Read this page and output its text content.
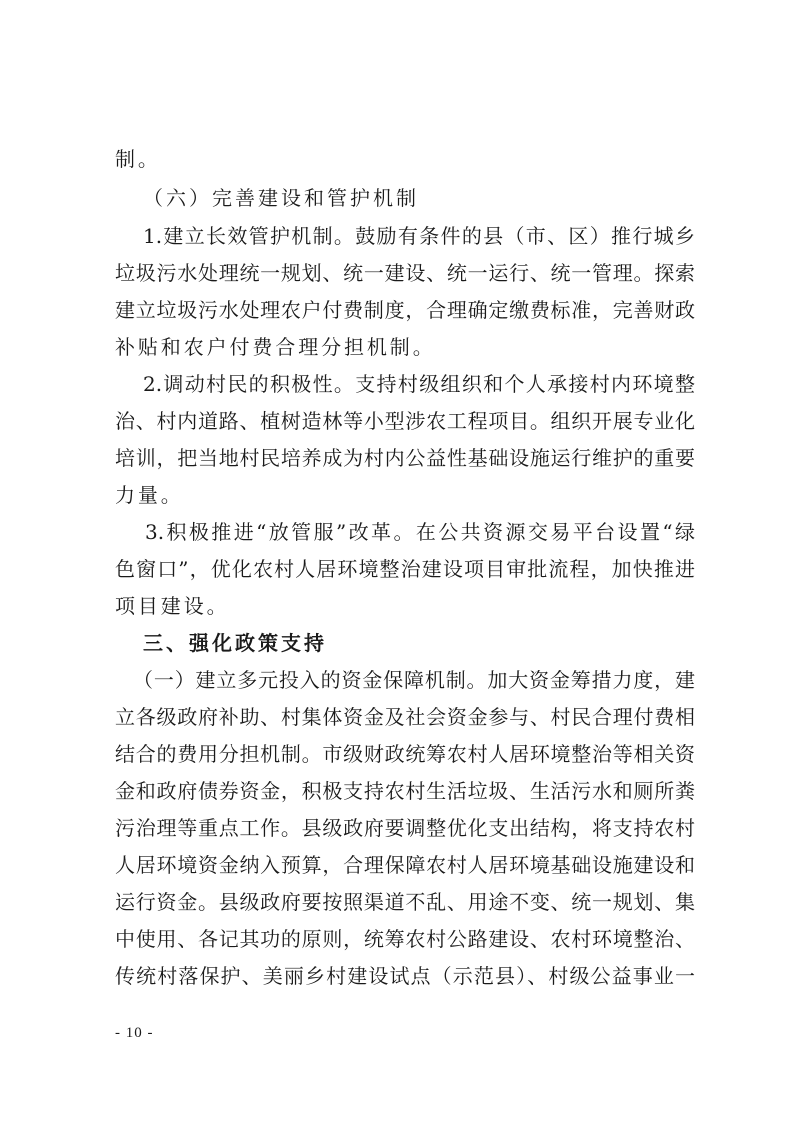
制。
（六）完善建设和管护机制
1.建立长效管护机制。鼓励有条件的县（市、区）推行城乡
垃圾污水处理统一规划、统一建设、统一运行、统一管理。探索
建立垃圾污水处理农户付费制度，合理确定缴费标准，完善财政
补贴和农户付费合理分担机制。
2.调动村民的积极性。支持村级组织和个人承接村内环境整
治、村内道路、植树造林等小型涉农工程项目。组织开展专业化
培训，把当地村民培养成为村内公益性基础设施运行维护的重要
力量。
3.积极推进“放管服”改革。在公共资源交易平台设置“绿
色窗口”，优化农村人居环境整治建设项目审批流程，加快推进
项目建设。
三、强化政策支持
（一）建立多元投入的资金保障机制。加大资金筹措力度，建
立各级政府补助、村集体资金及社会资金参与、村民合理付费相
结合的费用分担机制。市级财政统筹农村人居环境整治等相关资
金和政府债券资金，积极支持农村生活垃圾、生活污水和厕所粪
污治理等重点工作。县级政府要调整优化支出结构，将支持农村
人居环境资金纳入预算，合理保障农村人居环境基础设施建设和
运行资金。县级政府要按照渠道不乱、用途不变、统一规划、集
中使用、各记其功的原则，统筹农村公路建设、农村环境整治、
传统村落保护、美丽乡村建设试点（示范县）、村级公益事业一
- 10 -
